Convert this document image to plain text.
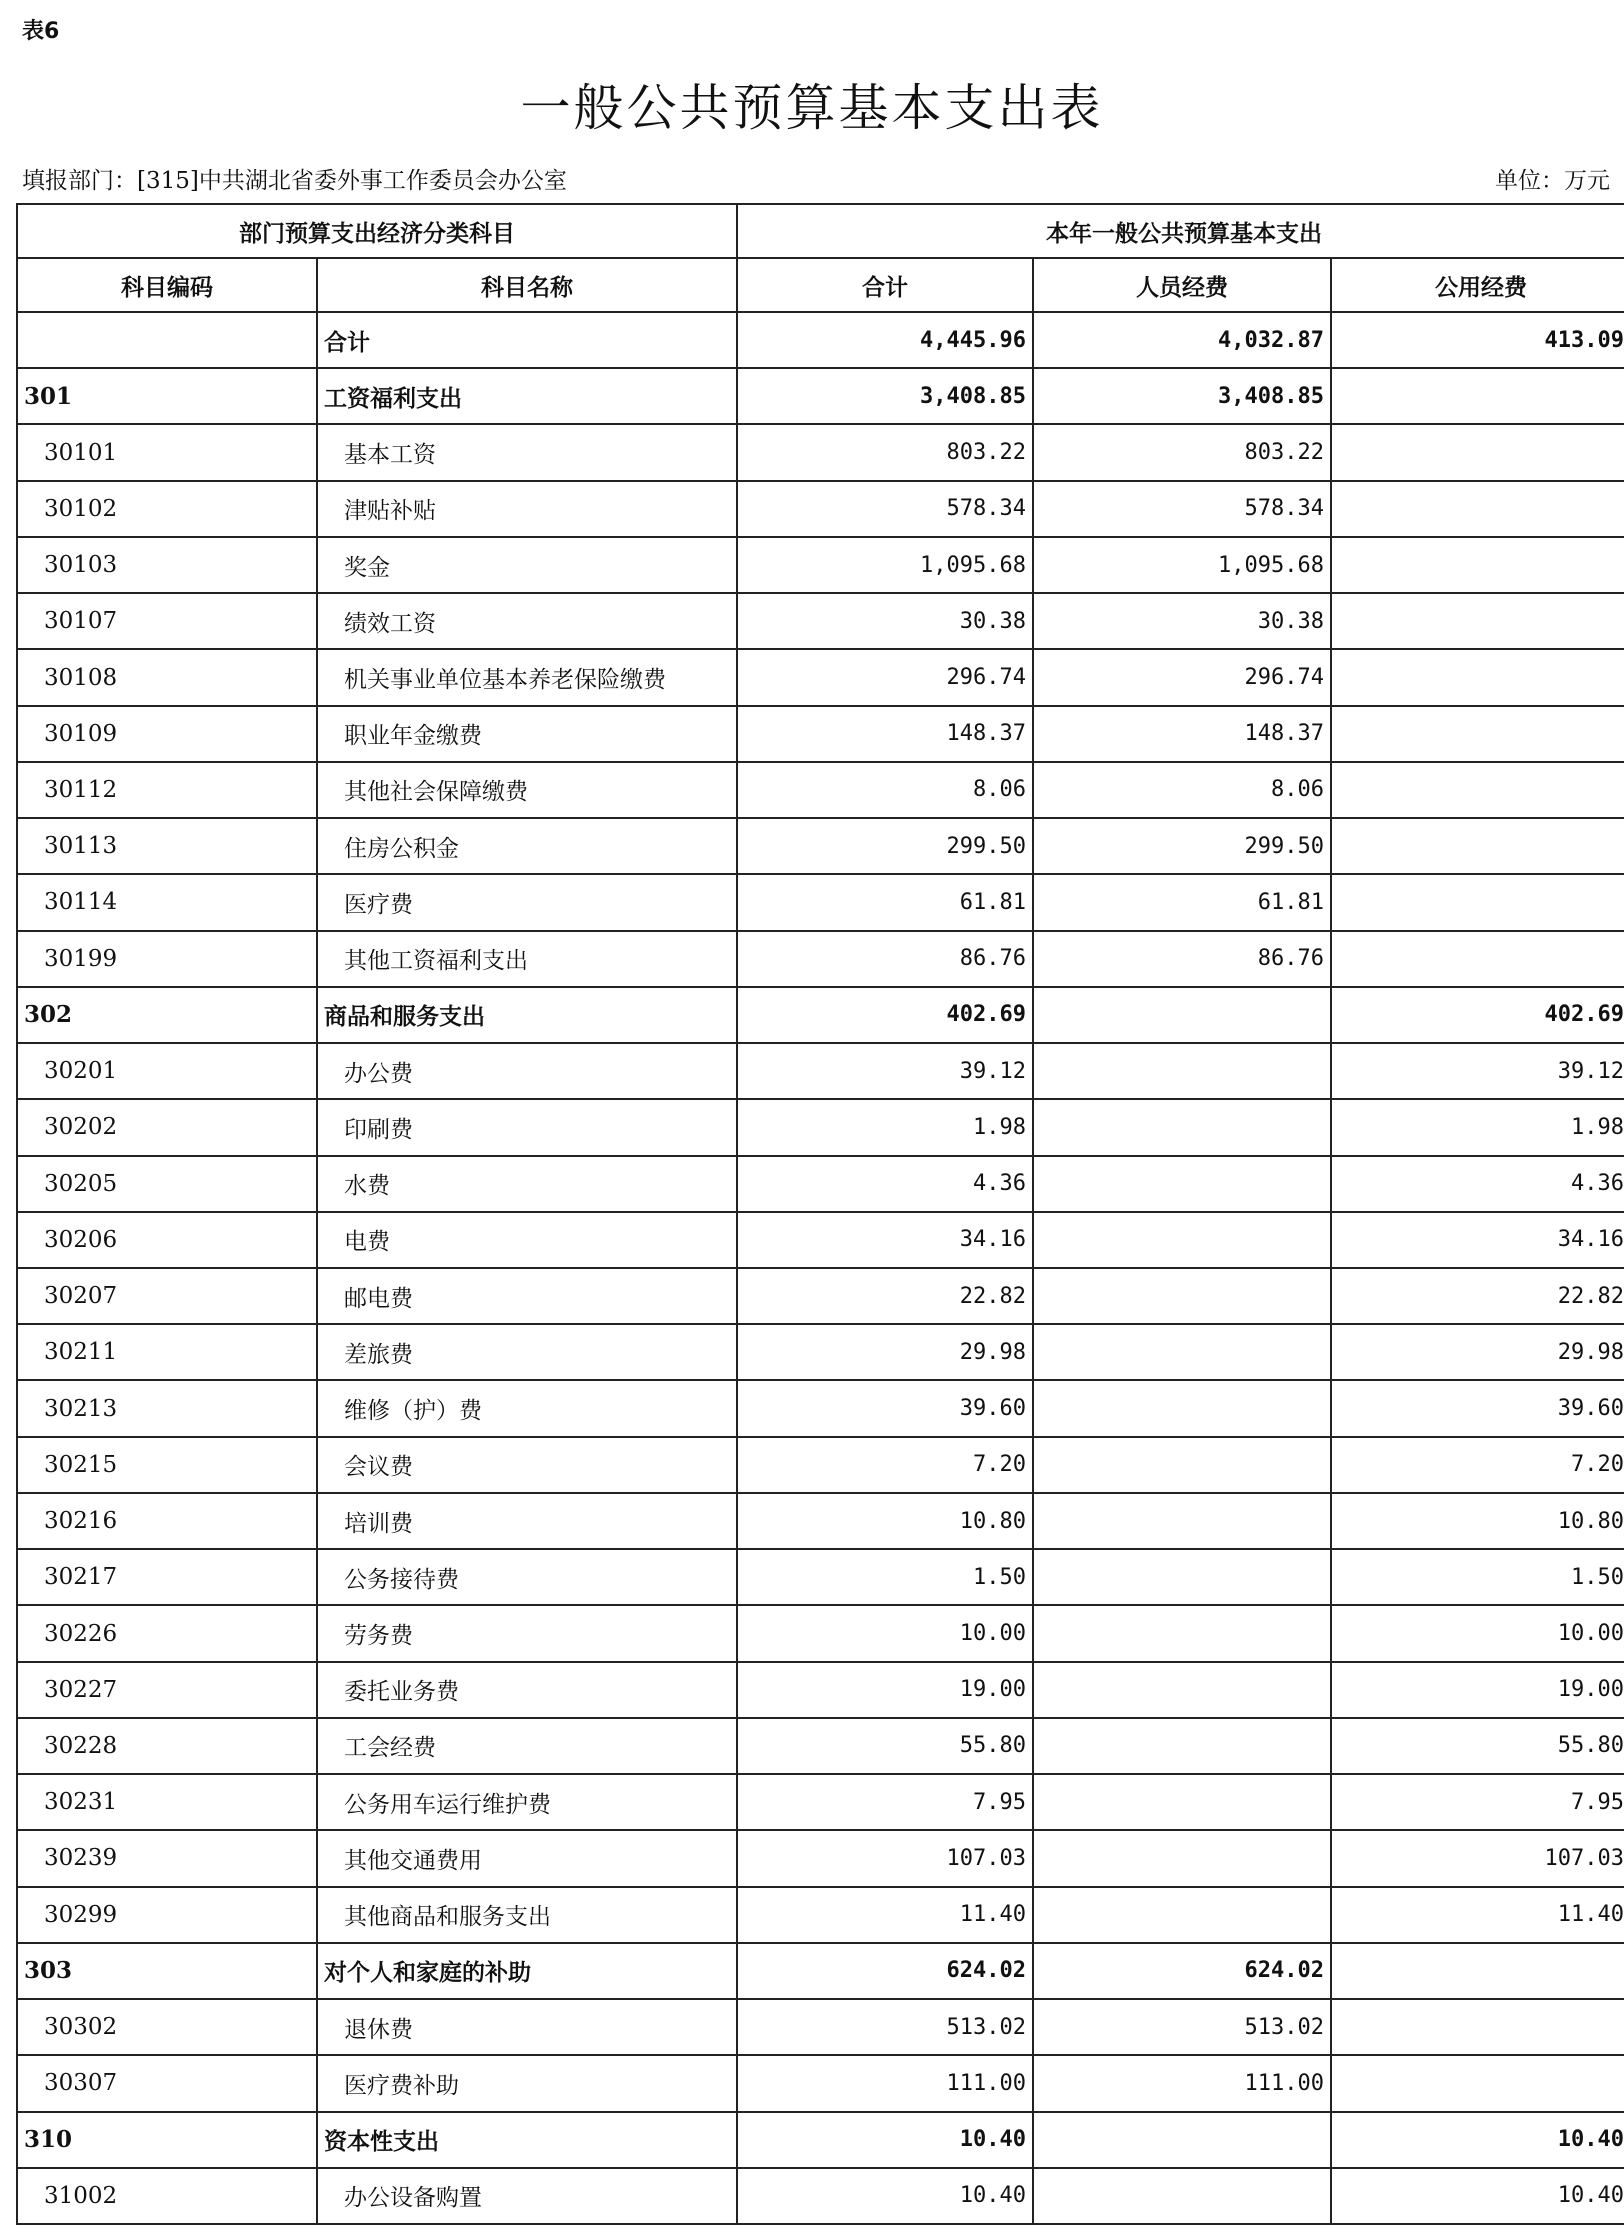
表6
一般公共预算基本支出表
填报部门：[315]中共湖北省委外事工作委员会办公室	单位：万元
部门预算支出经济分类科目		本年一般公共预算基本支出		
科目编码	科目名称	合计	人员经费	公用经费
	合计	4,445.96	4,032.87	413.09
301	工资福利支出	3,408.85	3,408.85	
30101	基本工资	803.22	803.22	
30102	津贴补贴	578.34	578.34	
30103	奖金	1,095.68	1,095.68	
30107	绩效工资	30.38	30.38	
30108	机关事业单位基本养老保险缴费	296.74	296.74	
30109	职业年金缴费	148.37	148.37	
30112	其他社会保障缴费	8.06	8.06	
30113	住房公积金	299.50	299.50	
30114	医疗费	61.81	61.81	
30199	其他工资福利支出	86.76	86.76	
302	商品和服务支出	402.69		402.69
30201	办公费	39.12		39.12
30202	印刷费	1.98		1.98
30205	水费	4.36		4.36
30206	电费	34.16		34.16
30207	邮电费	22.82		22.82
30211	差旅费	29.98		29.98
30213	维修（护）费	39.60		39.60
30215	会议费	7.20		7.20
30216	培训费	10.80		10.80
30217	公务接待费	1.50		1.50
30226	劳务费	10.00		10.00
30227	委托业务费	19.00		19.00
30228	工会经费	55.80		55.80
30231	公务用车运行维护费	7.95		7.95
30239	其他交通费用	107.03		107.03
30299	其他商品和服务支出	11.40		11.40
303	对个人和家庭的补助	624.02	624.02	
30302	退休费	513.02	513.02	
30307	医疗费补助	111.00	111.00	
310	资本性支出	10.40		10.40
31002	办公设备购置	10.40		10.40
